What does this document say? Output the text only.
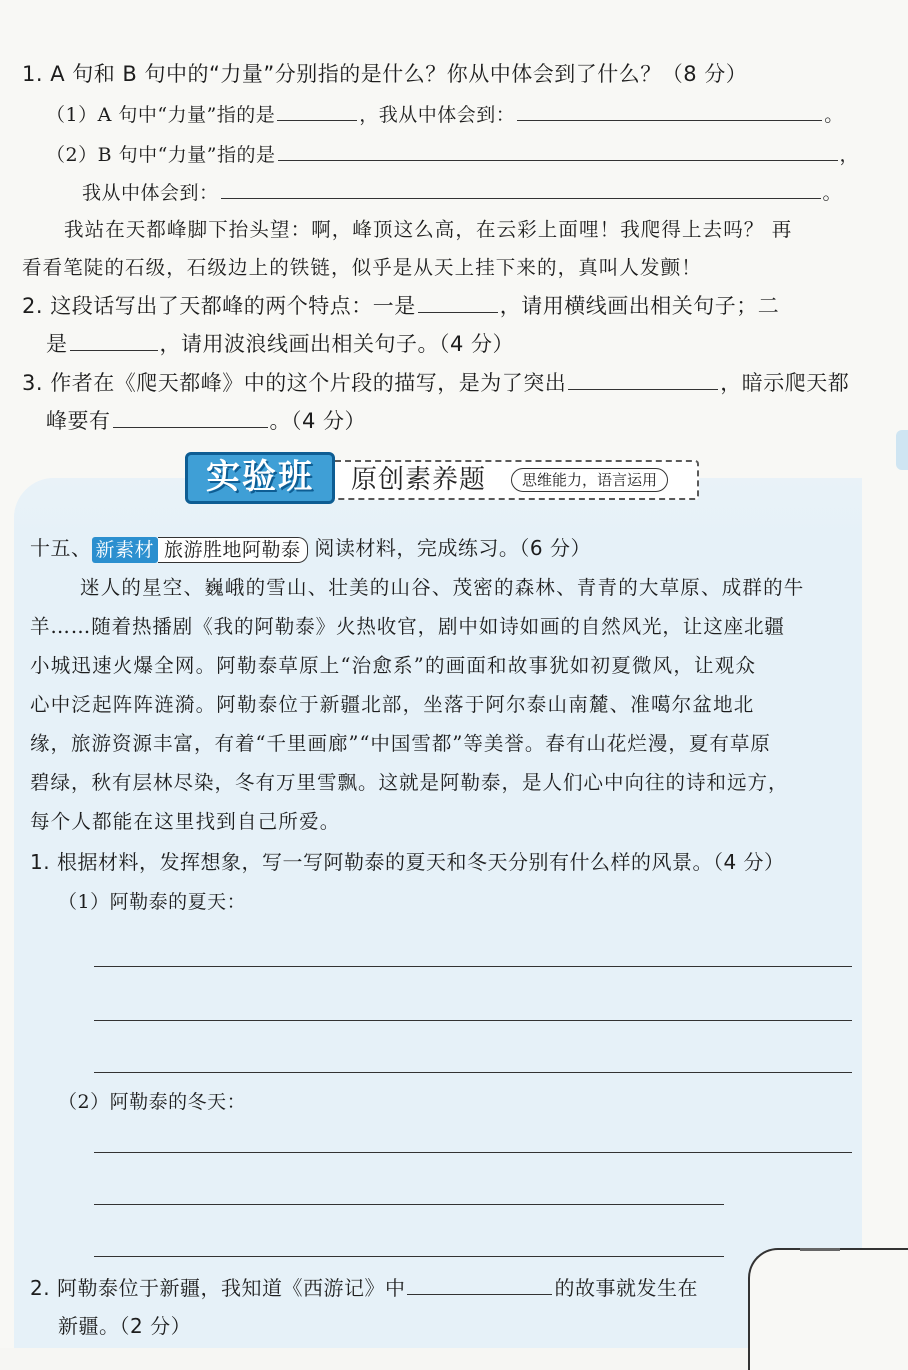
1. A 句和 B 句中的“力量”分别指的是什么？你从中体会到了什么？（8 分）
（1）A 句中“力量”指的是	，我从中体会到：	。
（2）B 句中“力量”指的是	，
我从中体会到：	。
我站在天都峰脚下抬头望：啊，峰顶这么高，在云彩上面哩！我爬得上去吗？ 再
看看笔陡的石级，石级边上的铁链，似乎是从天上挂下来的，真叫人发颤！
2. 这段话写出了天都峰的两个特点：一是	，请用横线画出相关句子；二
是	，请用波浪线画出相关句子。（4 分）
3. 作者在《爬天都峰》中的这个片段的描写，是为了突出	，暗示爬天都
峰要有	。（4 分）
原创素养题	思维能力，语言运用
实验班
十五、 新素材 旅游胜地阿勒泰 阅读材料，完成练习。（6 分）
迷人的星空、巍峨的雪山、壮美的山谷、茂密的森林、青青的大草原、成群的牛
羊……随着热播剧《我的阿勒泰》火热收官，剧中如诗如画的自然风光，让这座北疆
小城迅速火爆全网。阿勒泰草原上“治愈系”的画面和故事犹如初夏微风，让观众
心中泛起阵阵涟漪。阿勒泰位于新疆北部，坐落于阿尔泰山南麓、准噶尔盆地北
缘，旅游资源丰富，有着“千里画廊”“中国雪都”等美誉。春有山花烂漫，夏有草原
碧绿，秋有层林尽染，冬有万里雪飘。这就是阿勒泰，是人们心中向往的诗和远方，
每个人都能在这里找到自己所爱。
1. 根据材料，发挥想象，写一写阿勒泰的夏天和冬天分别有什么样的风景。（4 分）
（1）阿勒泰的夏天：
（2）阿勒泰的冬天：
2. 阿勒泰位于新疆，我知道《西游记》中	的故事就发生在
新疆。（2 分）
